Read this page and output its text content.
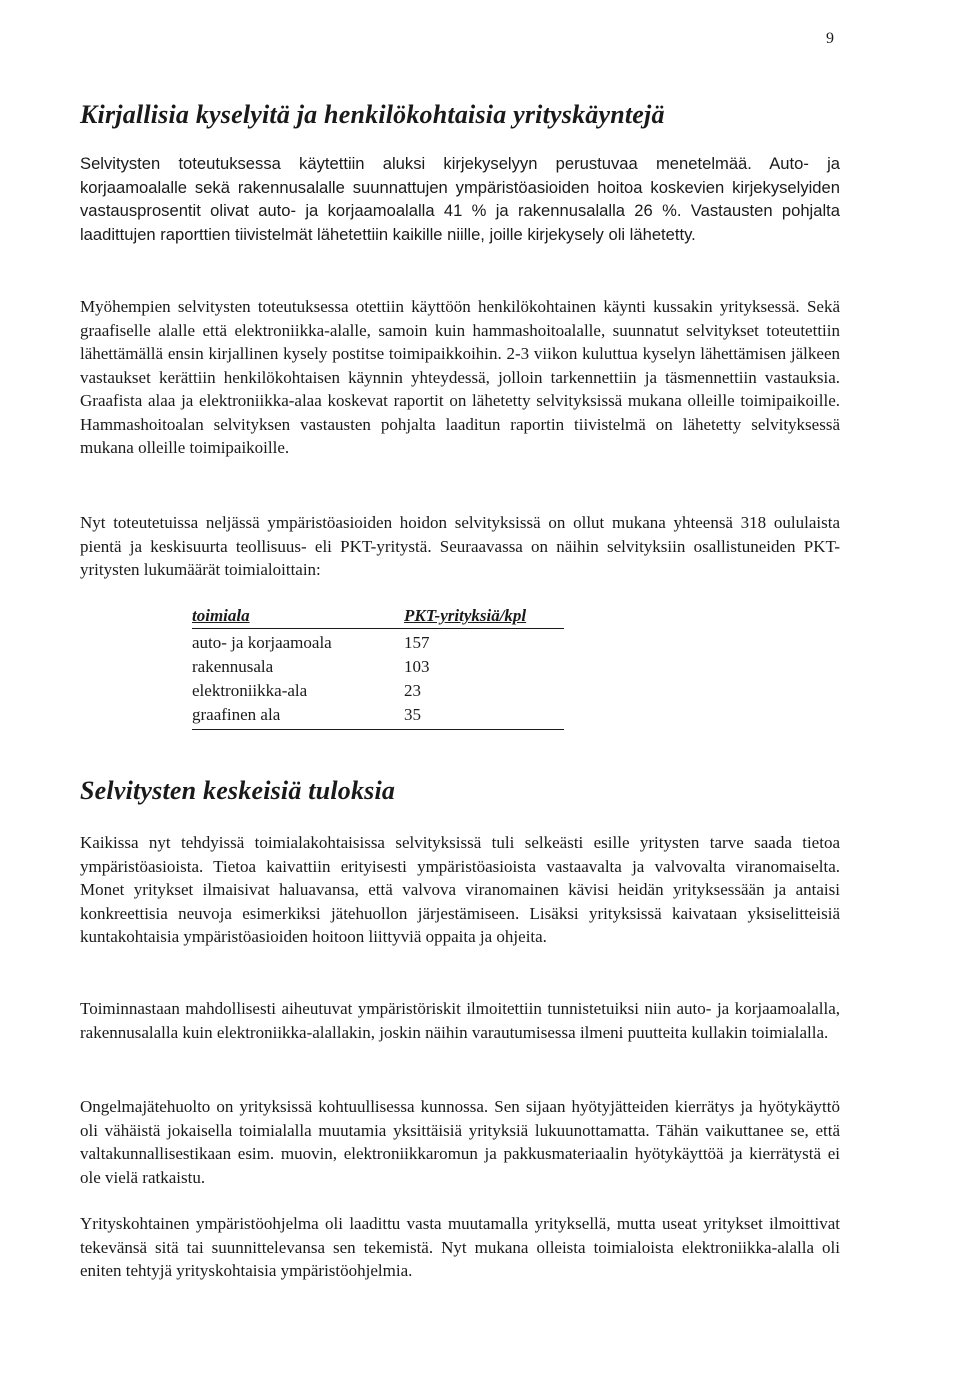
9
Kirjallisia kyselyitä ja henkilökohtaisia yrityskäyntejä

Selvitysten toteutuksessa käytettiin aluksi kirjekyselyyn perustuvaa menetelmää. Auto- ja korjaamoalalle sekä rakennusalalle suunnattujen ympäristöasioiden hoitoa koskevien kirjekyselyiden vastausprosentit olivat auto- ja korjaamoalalla 41 % ja rakennusalalla 26 %. Vastausten pohjalta laadittujen raporttien tiivistelmät lähetettiin kaikille niille, joille kirjekysely oli lähetetty.

Myöhempien selvitysten toteutuksessa otettiin käyttöön henkilökohtainen käynti kussakin yrityksessä. Sekä graafiselle alalle että elektroniikka-alalle, samoin kuin hammashoitoalalle, suunnatut selvitykset toteutettiin lähettämällä ensin kirjallinen kysely postitse toimipaikkoihin. 2-3 viikon kuluttua kyselyn lähettämisen jälkeen vastaukset kerättiin henkilökohtaisen käynnin yhteydessä, jolloin tarkennettiin ja täsmennettiin vastauksia. Graafista alaa ja elektroniikka-alaa koskevat raportit on lähetetty selvityksissä mukana olleille toimipaikoille. Hammashoitoalan selvityksen vastausten pohjalta laaditun raportin tiivistelmä on lähetetty selvityksessä mukana olleille toimipaikoille.

Nyt toteutetuissa neljässä ympäristöasioiden hoidon selvityksissä on ollut mukana yhteensä 318 oululaista pientä ja keskisuurta teollisuus- eli PKT-yritystä. Seuraavassa on näihin selvityksiin osallistuneiden PKT-yritysten lukumäärät toimialoittain:

toimiala	PKT-yrityksiä/kpl
auto- ja korjaamoala	157
rakennusala	103
elektroniikka-ala	23
graafinen ala	35
Selvitysten keskeisiä tuloksia

Kaikissa nyt tehdyissä toimialakohtaisissa selvityksissä tuli selkeästi esille yritysten tarve saada tietoa ympäristöasioista. Tietoa kaivattiin erityisesti ympäristöasioista vastaavalta ja valvovalta viranomaiselta. Monet yritykset ilmaisivat haluavansa, että valvova viranomainen kävisi heidän yrityksessään ja antaisi konkreettisia neuvoja esimerkiksi jätehuollon järjestämiseen. Lisäksi yrityksissä kaivataan yksiselitteisiä kuntakohtaisia ympäristöasioiden hoitoon liittyviä oppaita ja ohjeita.

Toiminnastaan mahdollisesti aiheutuvat ympäristöriskit ilmoitettiin tunnistetuiksi niin auto- ja korjaamoalalla, rakennusalalla kuin elektroniikka-alallakin, joskin näihin varautumisessa ilmeni puutteita kullakin toimialalla.

Ongelmajätehuolto on yrityksissä kohtuullisessa kunnossa. Sen sijaan hyötyjätteiden kierrätys ja hyötykäyttö oli vähäistä jokaisella toimialalla muutamia yksittäisiä yrityksiä lukuunottamatta. Tähän vaikuttanee se, että valtakunnallisestikaan esim. muovin, elektroniikkaromun ja pakkusmateriaalin hyötykäyttöä ja kierrätystä ei ole vielä ratkaistu.

Yrityskohtainen ympäristöohjelma oli laadittu vasta muutamalla yrityksellä, mutta useat yritykset ilmoittivat tekevänsä sitä tai suunnittelevansa sen tekemistä. Nyt mukana olleista toimialoista elektroniikka-alalla oli eniten tehtyjä yrityskohtaisia ympäristöohjelmia.
